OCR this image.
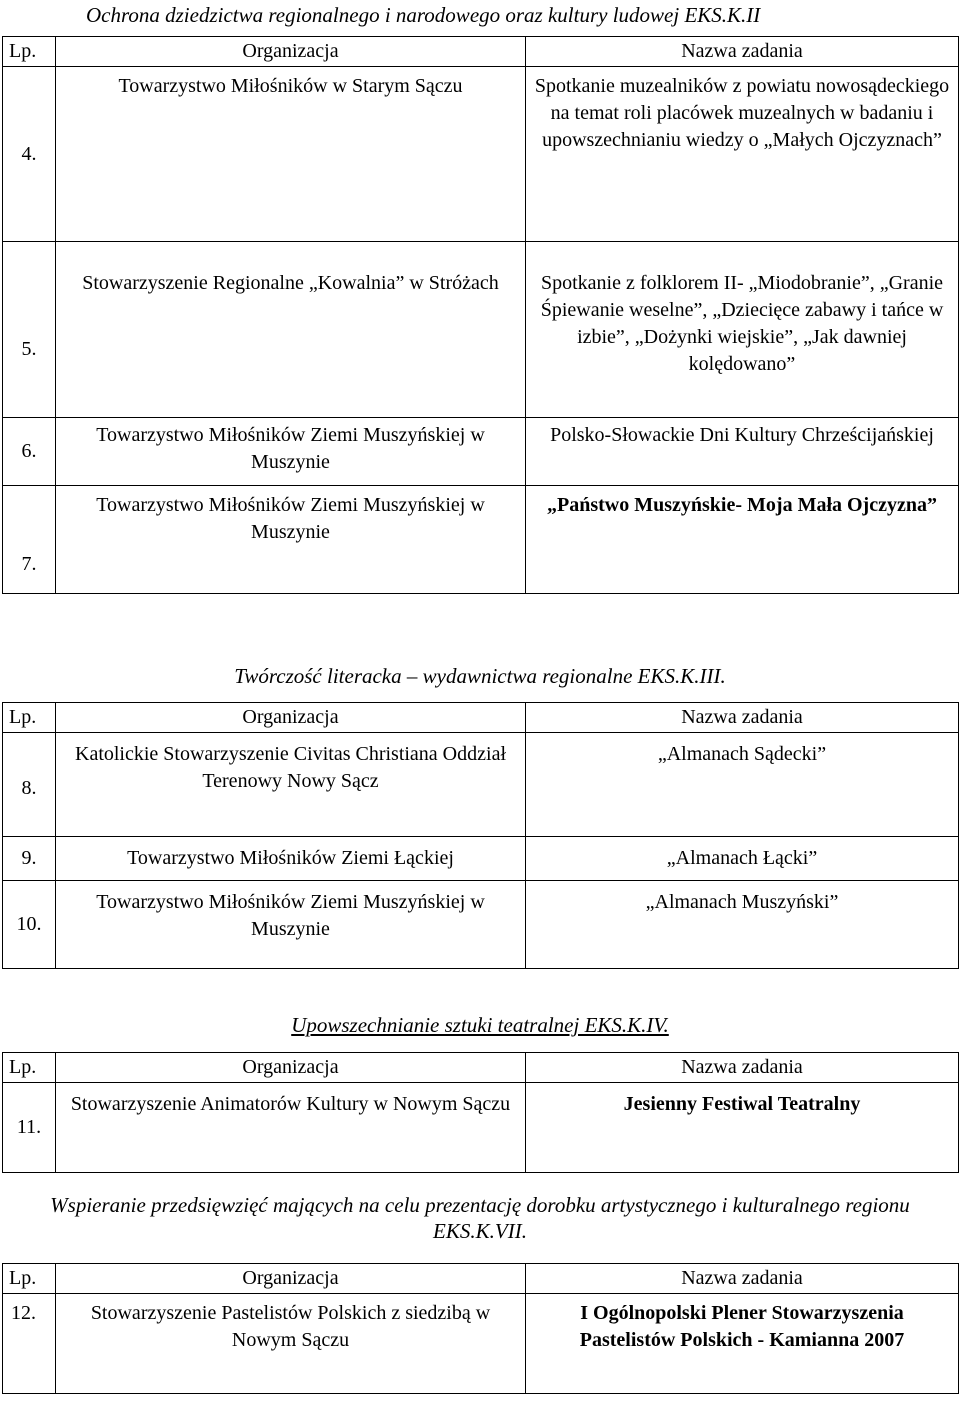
Ochrona dziedzictwa regionalnego i narodowego oraz kultury ludowej EKS.K.II
Lp.	Organizacja	Nazwa zadania
4.	Towarzystwo Miłośników w Starym Sączu	Spotkanie muzealników z powiatu nowosądeckiego na temat roli placówek muzealnych w badaniu i upowszechnianiu wiedzy o „Małych Ojczyznach”
5.	Stowarzyszenie Regionalne „Kowalnia” w Stróżach	Spotkanie z folklorem II- „Miodobranie”, „Granie Śpiewanie weselne”, „Dziecięce zabawy i tańce w izbie”, „Dożynki wiejskie”, „Jak dawniej kolędowano”
6.	Towarzystwo Miłośników Ziemi Muszyńskiej w Muszynie	Polsko-Słowackie Dni Kultury Chrześcijańskiej
7.	Towarzystwo Miłośników Ziemi Muszyńskiej w Muszynie	„Państwo Muszyńskie- Moja Mała Ojczyzna”
Twórczość literacka – wydawnictwa regionalne EKS.K.III.
Lp.	Organizacja	Nazwa zadania
8.	Katolickie Stowarzyszenie Civitas Christiana Oddział Terenowy Nowy Sącz	„Almanach Sądecki”
9.	Towarzystwo Miłośników Ziemi Łąckiej	„Almanach Łącki”
10.	Towarzystwo Miłośników Ziemi Muszyńskiej w Muszynie	„Almanach Muszyński”
Upowszechnianie sztuki teatralnej EKS.K.IV.
Lp.	Organizacja	Nazwa zadania
11.	Stowarzyszenie Animatorów Kultury w Nowym Sączu	Jesienny Festiwal Teatralny
Wspieranie przedsięwzięć mających na celu prezentację dorobku artystycznego i kulturalnego regionu EKS.K.VII.
Lp.	Organizacja	Nazwa zadania
12.	Stowarzyszenie Pastelistów Polskich z siedzibą w Nowym Sączu	I Ogólnopolski Plener Stowarzyszenia Pastelistów Polskich - Kamianna 2007
